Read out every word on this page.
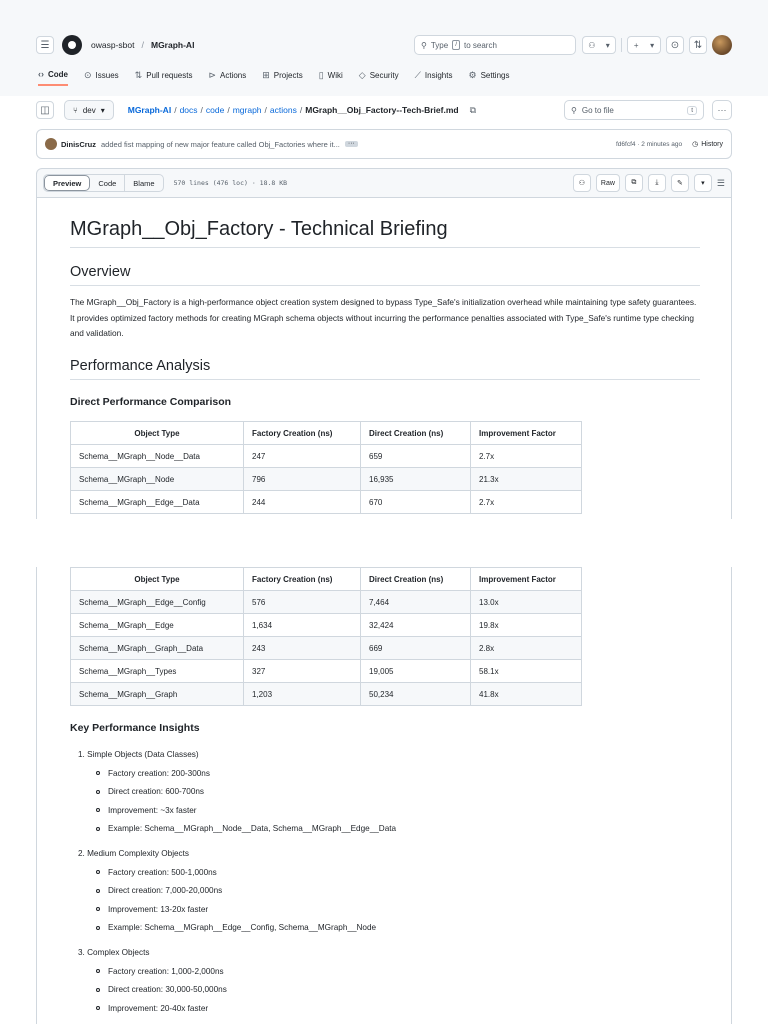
☰	owasp-sbot / MGraph-AI	⚲ Type	/ to search	⚇ ▾	+ ▾	⊙	⇅
‹› Code ⊙ Issues ⇅ Pull requests ⊳ Actions ⊞ Projects ▯ Wiki ◇ Security ⟋ Insights ⚙ Settings
◫	⑂ dev ▾	MGraph-AI / docs / code / mgraph / actions / MGraph__Obj_Factory--Tech-Brief.md ⧉	⚲ Go to file	t	···
DinisCruz added fist mapping of new major feature called Obj_Factories where it...	···	fd6fcf4 · 2 minutes ago ◷ History
Preview	Code	Blame	570 lines (476 loc) · 18.8 KB	⚇	Raw	⧉	⤓	✎	▾	☰
MGraph__Obj_Factory - Technical Briefing
Overview

The MGraph__Obj_Factory is a high-performance object creation system designed to bypass Type_Safe's initialization overhead while maintaining type safety guarantees. It provides optimized factory methods for creating MGraph schema objects without incurring the performance penalties associated with Type_Safe's runtime type checking and validation.

Performance Analysis
Direct Performance Comparison
Object Type	Factory Creation (ns)	Direct Creation (ns)	Improvement Factor
Schema__MGraph__Node__Data	247	659	2.7x
Schema__MGraph__Node	796	16,935	21.3x
Schema__MGraph__Edge__Data	244	670	2.7x
Object Type	Factory Creation (ns)	Direct Creation (ns)	Improvement Factor
Schema__MGraph__Edge__Config	576	7,464	13.0x
Schema__MGraph__Edge	1,634	32,424	19.8x
Schema__MGraph__Graph__Data	243	669	2.8x
Schema__MGraph__Types	327	19,005	58.1x
Schema__MGraph__Graph	1,203	50,234	41.8x
Key Performance Insights
1. Simple Objects (Data Classes)
Factory creation: 200-300ns
Direct creation: 600-700ns
Improvement: ~3x faster
Example: Schema__MGraph__Node__Data, Schema__MGraph__Edge__Data
2. Medium Complexity Objects
Factory creation: 500-1,000ns
Direct creation: 7,000-20,000ns
Improvement: 13-20x faster
Example: Schema__MGraph__Edge__Config, Schema__MGraph__Node
3. Complex Objects
Factory creation: 1,000-2,000ns
Direct creation: 30,000-50,000ns
Improvement: 20-40x faster
